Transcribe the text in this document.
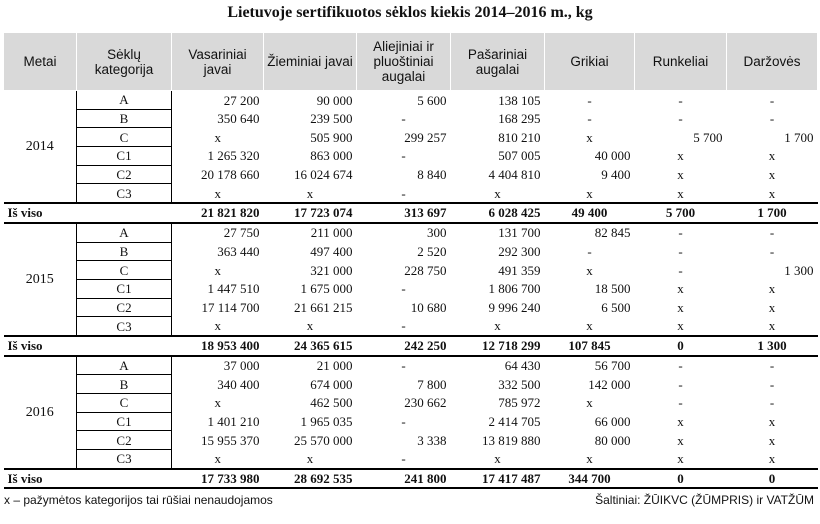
Lietuvoje sertifikuotos sėklos kiekis 2014–2016 m., kg
Metai	Sėklų kategorija	Vasariniai javai	Žieminiai javai	Aliejiniai ir pluoštiniai augalai	Pašariniai augalai	Grikiai	Runkeliai	Daržovės
2014	A	27 200	90 000	5 600	138 105	-	-	-
	B	350 640	239 500	-	168 295	-	-	-
	C	x	505 900	299 257	810 210	x	5 700	1 700
	C1	1 265 320	863 000	-	507 005	40 000	x	x
	C2	20 178 660	16 024 674	8 840	4 404 810	9 400	x	x
	C3	x	x	-	x	x	x	x
Iš viso		21 821 820	17 723 074	313 697	6 028 425	49 400	5 700	1 700
2015	A	27 750	211 000	300	131 700	82 845	-	-
	B	363 440	497 400	2 520	292 300	-	-	-
	C	x	321 000	228 750	491 359	x	-	1 300
	C1	1 447 510	1 675 000	-	1 806 700	18 500	x	x
	C2	17 114 700	21 661 215	10 680	9 996 240	6 500	x	x
	C3	x	x	-	x	x	x	x
Iš viso		18 953 400	24 365 615	242 250	12 718 299	107 845	0	1 300
2016	A	37 000	21 000	-	64 430	56 700	-	-
	B	340 400	674 000	7 800	332 500	142 000	-	-
	C	x	462 500	230 662	785 972	x	-	-
	C1	1 401 210	1 965 035	-	2 414 705	66 000	x	x
	C2	15 955 370	25 570 000	3 338	13 819 880	80 000	x	x
	C3	x	x	-	x	x	x	x
Iš viso		17 733 980	28 692 535	241 800	17 417 487	344 700	0	0
x – pažymėtos kategorijos tai rūšiai nenaudojamos	Šaltiniai: ŽŪIKVC (ŽŪMPRIS) ir VATŽŪM
